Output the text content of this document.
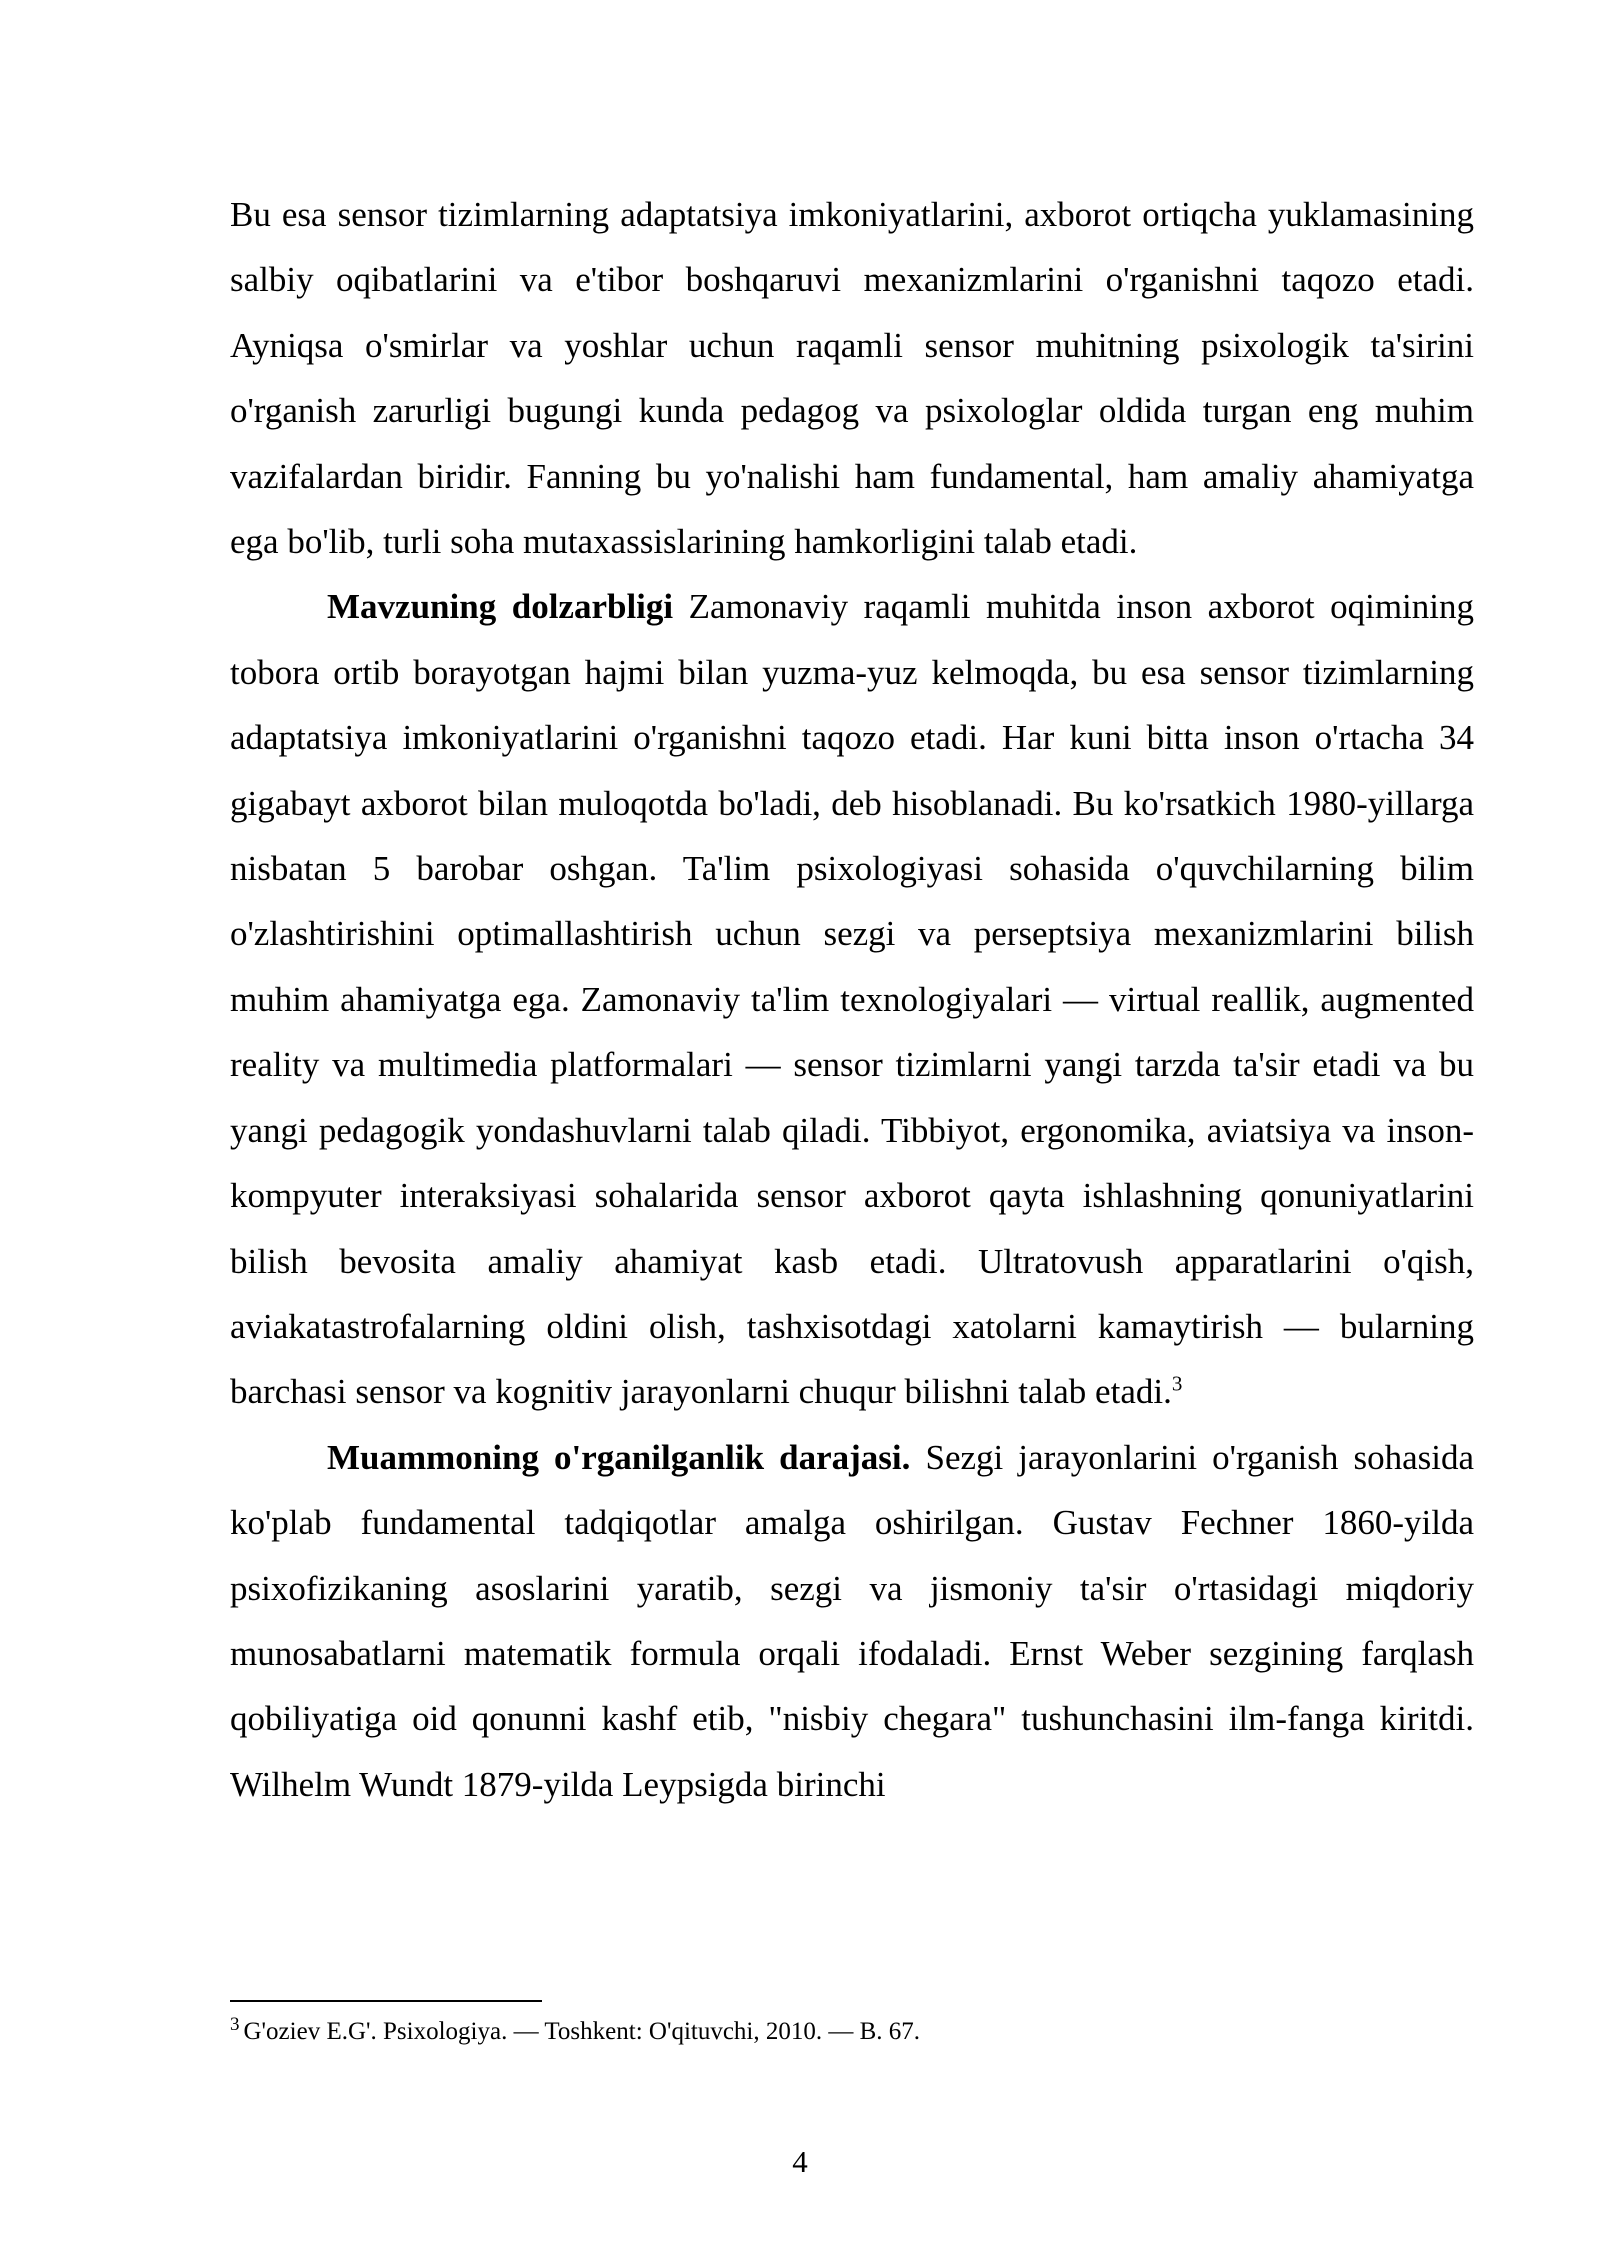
Bu esa sensor tizimlarning adaptatsiya imkoniyatlarini, axborot ortiqcha yuklamasining salbiy oqibatlarini va e'tibor boshqaruvi mexanizmlarini o'rganishni taqozo etadi. Ayniqsa o'smirlar va yoshlar uchun raqamli sensor muhitning psixologik ta'sirini o'rganish zarurligi bugungi kunda pedagog va psixologlar oldida turgan eng muhim vazifalardan biridir. Fanning bu yo'nalishi ham fundamental, ham amaliy ahamiyatga ega bo'lib, turli soha mutaxassislarining hamkorligini talab etadi.

Mavzuning dolzarbligi Zamonaviy raqamli muhitda inson axborot oqimining tobora ortib borayotgan hajmi bilan yuzma-yuz kelmoqda, bu esa sensor tizimlarning adaptatsiya imkoniyatlarini o'rganishni taqozo etadi. Har kuni bitta inson o'rtacha 34 gigabayt axborot bilan muloqotda bo'ladi, deb hisoblanadi. Bu ko'rsatkich 1980-yillarga nisbatan 5 barobar oshgan. Ta'lim psixologiyasi sohasida o'quvchilarning bilim o'zlashtirishini optimallashtirish uchun sezgi va perseptsiya mexanizmlarini bilish muhim ahamiyatga ega. Zamonaviy ta'lim texnologiyalari — virtual reallik, augmented reality va multimedia platformalari — sensor tizimlarni yangi tarzda ta'sir etadi va bu yangi pedagogik yondashuvlarni talab qiladi. Tibbiyot, ergonomika, aviatsiya va inson-kompyuter interaksiyasi sohalarida sensor axborot qayta ishlashning qonuniyatlarini bilish bevosita amaliy ahamiyat kasb etadi. Ultratovush apparatlarini o'qish, aviakatastrofalarning oldini olish, tashxisotdagi xatolarni kamaytirish — bularning barchasi sensor va kognitiv jarayonlarni chuqur bilishni talab etadi.$^3$

Muammoning o'rganilganlik darajasi. Sezgi jarayonlarini o'rganish sohasida ko'plab fundamental tadqiqotlar amalga oshirilgan. Gustav Fechner 1860-yilda psixofizikaning asoslarini yaratib, sezgi va jismoniy ta'sir o'rtasidagi miqdoriy munosabatlarni matematik formula orqali ifodaladi. Ernst Weber sezgining farqlash qobiliyatiga oid qonunni kashf etib, "nisbiy chegara" tushunchasini ilm-fanga kiritdi. Wilhelm Wundt 1879-yilda Leypsigda birinchi

$^3$ G'oziev E.G'. Psixologiya. — Toshkent: O'qituvchi, 2010. — B. 67.
4
